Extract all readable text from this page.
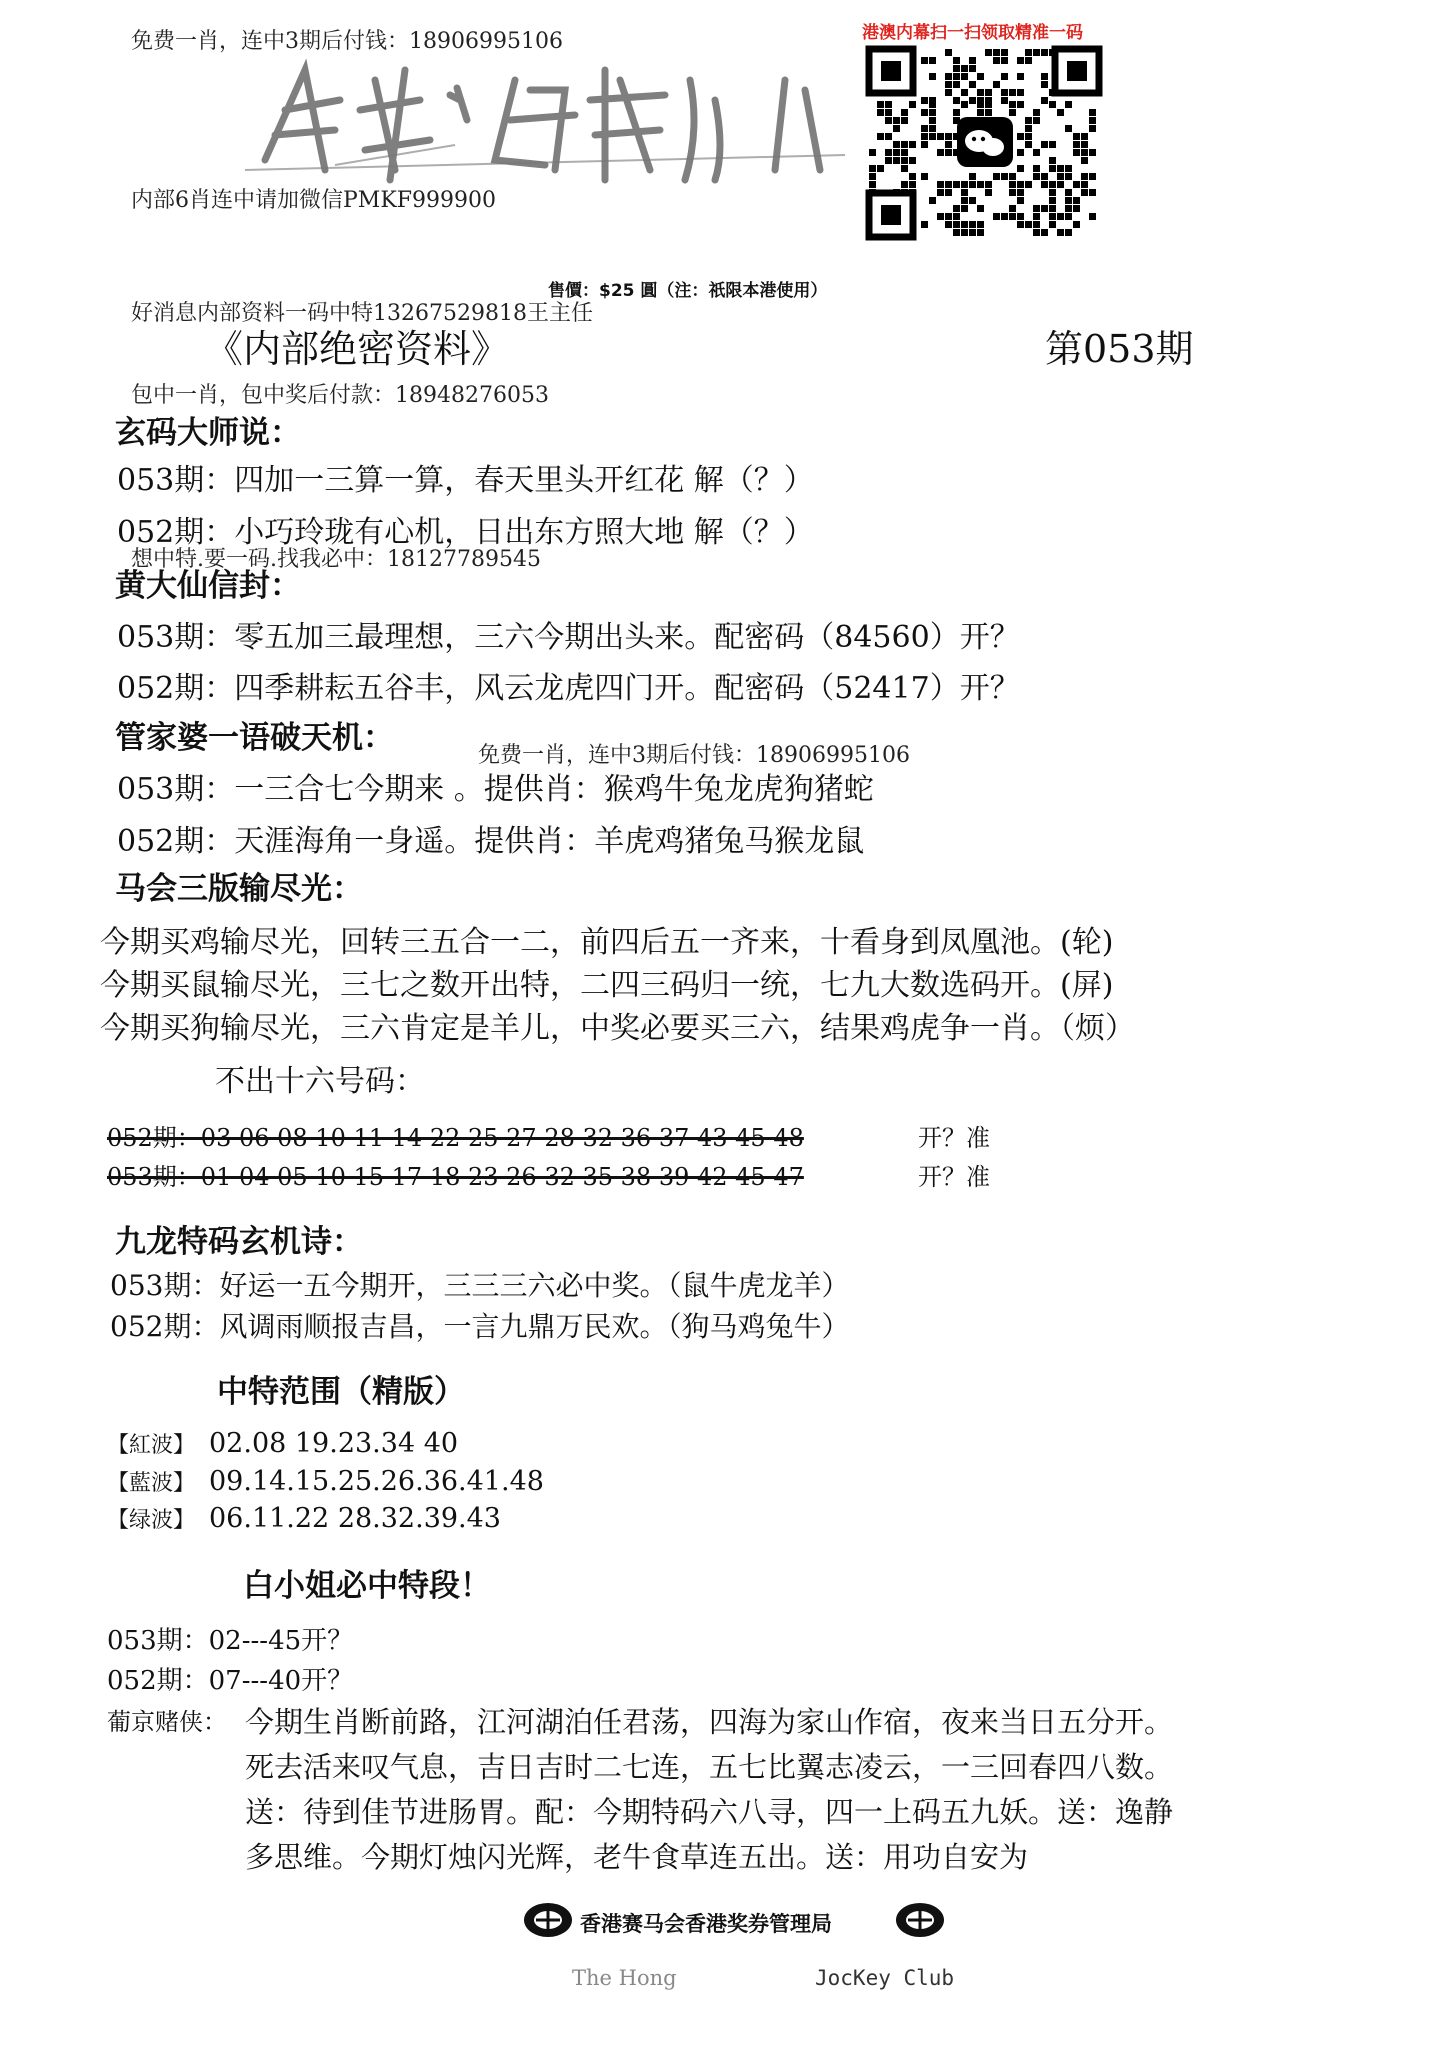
港澳内幕扫一扫领取精准一码
免费一肖，连中3期后付钱：18906995106
内部6肖连中请加微信PMKF999900
售價：$25 圓（注：祇限本港使用）
好消息内部资料一码中特13267529818王主任
《内部绝密资料》	第053期
包中一肖，包中奖后付款：18948276053
玄码大师说：
053期：四加一三算一算，春天里头开红花 解（？）
052期：小巧玲珑有心机，日出东方照大地 解（？）
想中特.要一码.找我必中：18127789545
黄大仙信封：
053期：零五加三最理想，三六今期出头来。配密码（84560）开？
052期：四季耕耘五谷丰，风云龙虎四门开。配密码（52417）开？
管家婆一语破天机：	免费一肖，连中3期后付钱：18906995106
053期：一三合七今期来 。提供肖：猴鸡牛兔龙虎狗猪蛇
052期：天涯海角一身遥。提供肖：羊虎鸡猪兔马猴龙鼠
马会三版输尽光：
今期买鸡输尽光，回转三五合一二，前四后五一齐来，十看身到凤凰池。(轮)
今期买鼠输尽光，三七之数开出特，二四三码归一统，七九大数选码开。(屏)
今期买狗输尽光，三六肯定是羊儿，中奖必要买三六，结果鸡虎争一肖。（烦）
不出十六号码：
052期：03 06 08 10 11 14 22 25 27 28 32 36 37 43 45 48	开？准
053期：01 04 05 10 15 17 18 23 26 32 35 38 39 42 45 47	开？准
九龙特码玄机诗：
053期：好运一五今期开，三三三六必中奖。（鼠牛虎龙羊）
052期：风调雨顺报吉昌，一言九鼎万民欢。（狗马鸡兔牛）
中特范围（精版）
【紅波】 02.08 19.23.34 40
【藍波】 09.14.15.25.26.36.41.48
【绿波】 06.11.22 28.32.39.43
白小姐必中特段！
053期：02---45开？
052期：07---40开？
葡京赌侠： 今期生肖断前路，江河湖泊任君荡，四海为家山作宿，夜来当日五分开。
死去活来叹气息，吉日吉时二七连，五七比翼志凌云，一三回春四八数。
送：待到佳节进肠胃。配：今期特码六八寻，四一上码五九妖。送：逸静
多思维。今期灯烛闪光辉，老牛食草连五出。送：用功自安为
香港赛马会香港奖券管理局
The Hong	JocKey Club
